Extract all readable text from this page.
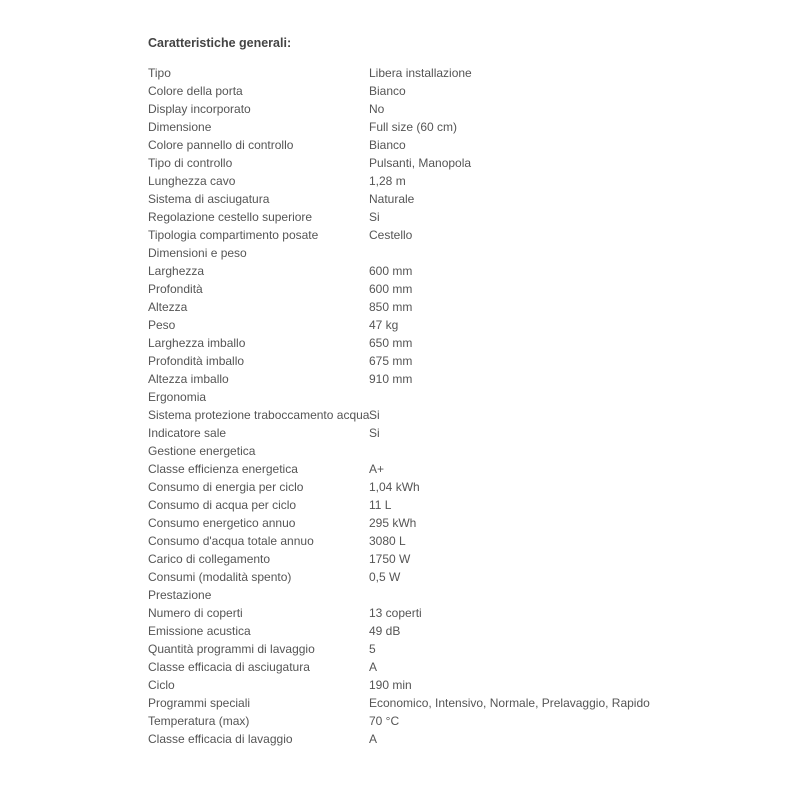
Caratteristiche generali:
Tipo	Libera installazione
Colore della porta	Bianco
Display incorporato	No
Dimensione	Full size (60 cm)
Colore pannello di controllo	Bianco
Tipo di controllo	Pulsanti, Manopola
Lunghezza cavo	1,28 m
Sistema di asciugatura	Naturale
Regolazione cestello superiore	Si
Tipologia compartimento posate	Cestello
Dimensioni e peso
Larghezza	600 mm
Profondità	600 mm
Altezza	850 mm
Peso	47 kg
Larghezza imballo	650 mm
Profondità imballo	675 mm
Altezza imballo	910 mm
Ergonomia
Sistema protezione traboccamento acqua Si
Indicatore sale	Si
Gestione energetica
Classe efficienza energetica	A+
Consumo di energia per ciclo	1,04 kWh
Consumo di acqua per ciclo	11 L
Consumo energetico annuo	295 kWh
Consumo d'acqua totale annuo	3080 L
Carico di collegamento	1750 W
Consumi (modalità spento)	0,5 W
Prestazione
Numero di coperti	13 coperti
Emissione acustica	49 dB
Quantità programmi di lavaggio	5
Classe efficacia di asciugatura	A
Ciclo	190 min
Programmi speciali	Economico, Intensivo, Normale, Prelavaggio, Rapido
Temperatura (max)	70 °C
Classe efficacia di lavaggio	A
